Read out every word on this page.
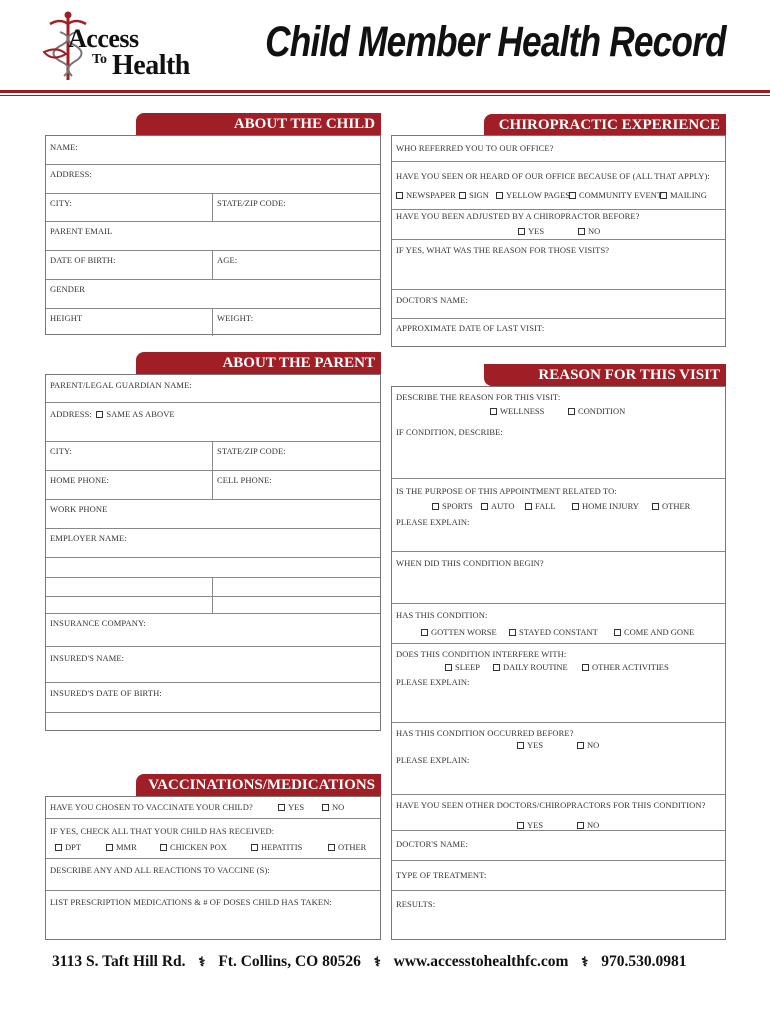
Access
To Health Child Member Health Record
ABOUT THE CHILD
NAME:
ADDRESS:
CITY:	STATE/ZIP CODE:
PARENT EMAIL
DATE OF BIRTH:	AGE:
GENDER
HEIGHT	WEIGHT:
CHIROPRACTIC EXPERIENCE
WHO REFERRED YOU TO OUR OFFICE?
HAVE YOU SEEN OR HEARD OF OUR OFFICE BECAUSE OF (ALL THAT APPLY):
NEWSPAPER	SIGN	YELLOW PAGES	COMMUNITY EVENT MAILING
HAVE YOU BEEN ADJUSTED BY A CHIROPRACTOR BEFORE?
YES	NO
IF YES, WHAT WAS THE REASON FOR THOSE VISITS?
DOCTOR'S NAME:
APPROXIMATE DATE OF LAST VISIT:
ABOUT THE PARENT
PARENT/LEGAL GUARDIAN NAME:
ADDRESS: SAME AS ABOVE
CITY:	STATE/ZIP CODE:
HOME PHONE:	CELL PHONE:
WORK PHONE
EMPLOYER NAME:
INSURANCE COMPANY:
INSURED'S NAME:
INSURED'S DATE OF BIRTH:
REASON FOR THIS VISIT
DESCRIBE THE REASON FOR THIS VISIT:
WELLNESS	CONDITION
IF CONDITION, DESCRIBE:
IS THE PURPOSE OF THIS APPOINTMENT RELATED TO:
SPORTS	AUTO	FALL	HOME INJURY	OTHER
PLEASE EXPLAIN:
WHEN DID THIS CONDITION BEGIN?
HAS THIS CONDITION:
GOTTEN WORSE	STAYED CONSTANT	COME AND GONE
DOES THIS CONDITION INTERFERE WITH:
SLEEP	DAILY ROUTINE	OTHER ACTIVITIES
PLEASE EXPLAIN:
HAS THIS CONDITION OCCURRED BEFORE?
YES	NO
PLEASE EXPLAIN:
HAVE YOU SEEN OTHER DOCTORS/CHIROPRACTORS FOR THIS CONDITION?
YES	NO
DOCTOR'S NAME:
TYPE OF TREATMENT:
RESULTS:
VACCINATIONS/MEDICATIONS
HAVE YOU CHOSEN TO VACCINATE YOUR CHILD?	YES	NO
IF YES, CHECK ALL THAT YOUR CHILD HAS RECEIVED:
DPT	MMR	CHICKEN POX	HEPATITIS	OTHER
DESCRIBE ANY AND ALL REACTIONS TO VACCINE (S):
LIST PRESCRIPTION MEDICATIONS & # OF DOSES CHILD HAS TAKEN:
3113 S. Taft Hill Rd. ⚕ Ft. Collins, CO 80526 ⚕ www.accesstohealthfc.com ⚕ 970.530.0981
